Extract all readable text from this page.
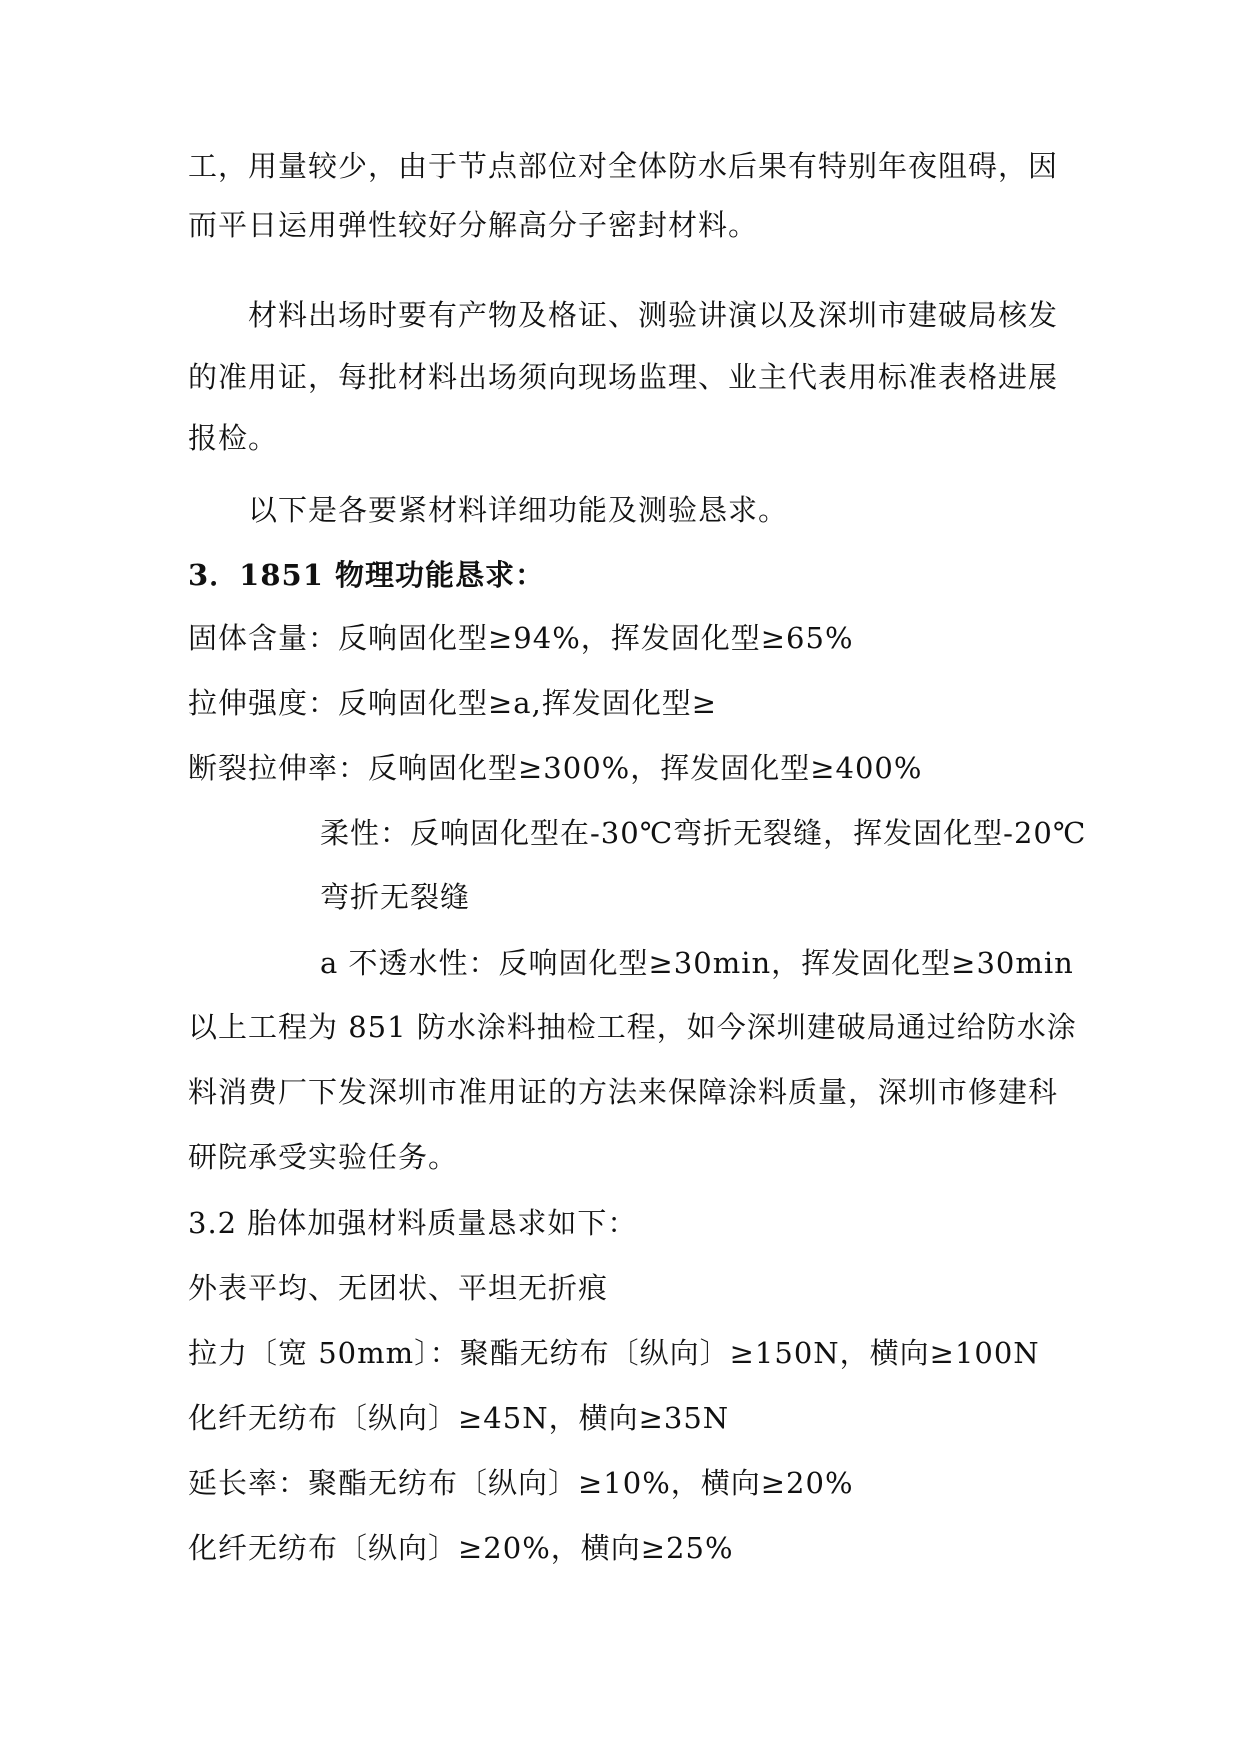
工，用量较少，由于节点部位对全体防水后果有特别年夜阻碍，因
而平日运用弹性较好分解高分子密封材料。
材料出场时要有产物及格证、测验讲演以及深圳市建破局核发
的准用证，每批材料出场须向现场监理、业主代表用标准表格进展
报检。
以下是各要紧材料详细功能及测验恳求。
3．1851 物理功能恳求：
固体含量：反响固化型≥94%，挥发固化型≥65%
拉伸强度：反响固化型≥a,挥发固化型≥
断裂拉伸率：反响固化型≥300%，挥发固化型≥400%
柔性：反响固化型在-30℃弯折无裂缝，挥发固化型-20℃
弯折无裂缝
a 不透水性：反响固化型≥30min，挥发固化型≥30min
以上工程为 851 防水涂料抽检工程，如今深圳建破局通过给防水涂
料消费厂下发深圳市准用证的方法来保障涂料质量，深圳市修建科
研院承受实验任务。
3.2 胎体加强材料质量恳求如下：
外表平均、无团状、平坦无折痕
拉力〔宽 50mm〕：聚酯无纺布〔纵向〕≥150N，横向≥100N
化纤无纺布〔纵向〕≥45N，横向≥35N
延长率：聚酯无纺布〔纵向〕≥10%，横向≥20%
化纤无纺布〔纵向〕≥20%，横向≥25%
